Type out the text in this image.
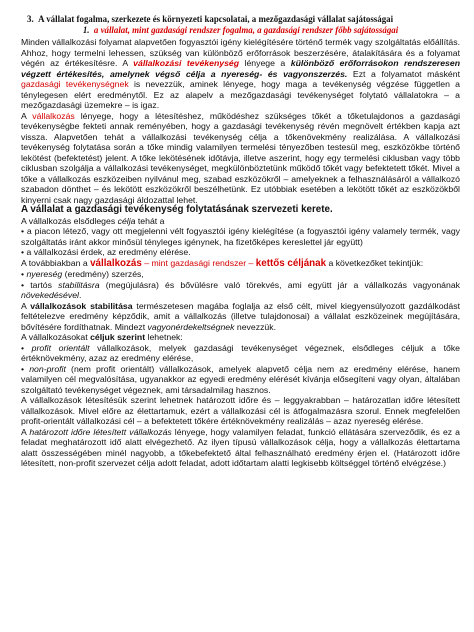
3. A vállalat fogalma, szerkezete és környezeti kapcsolatai, a mezőgazdasági vállalat sajátosságai
1. a vállalat, mint gazdasági rendszer fogalma, a gazdasági rendszer főbb sajátosságai

Minden vállalkozási folyamat alapvetően fogyasztói igény kielégítésére történő termék vagy szolgáltatás előállítás. Ahhoz, hogy termelni lehessen, szükség van különböző erőforrások beszerzésére, átalakítására és a folyamat végén az értékesítésre. A vállalkozási tevékenység lényege a különböző erőforrásokon rendszeresen végzett értékesítés, amelynek végső célja a nyereség- és vagyonszerzés. Ezt a folyamatot másként gazdasági tevékenységnek is nevezzük, aminek lényege, hogy maga a tevékenység végzése független a ténylegesen elért eredménytől. Ez az alapelv a mezőgazdasági tevékenységet folytató vállalatokra – a mezőgazdasági üzemekre – is igaz.

A vállalkozás lényege, hogy a létesítéshez, működéshez szükséges tőkét a tőketulajdonos a gazdasági tevékenységbe fekteti annak reményében, hogy a gazdasági tevékenység révén megnövelt értékben kapja azt vissza. Alapvetően tehát a vállalkozási tevékenység célja a tőkenövekmény realizálása. A vállalkozási tevékenység folytatása során a tőke mindig valamilyen termelési tényezőben testesül meg, eszközökbe történő lekötést (befektetést) jelent. A tőke lekötésének időtávja, illetve aszerint, hogy egy termelési ciklusban vagy több ciklusban szolgálja a vállalkozási tevékenységet, megkülönböztetünk működő tőkét vagy befektetett tőkét. Mivel a tőke a vállalkozás eszközeiben nyilvánul meg, szabad eszközökről – amelyeknek a felhasználásáról a vállalkozó szabadon dönthet – és lekötött eszközökről beszélhetünk. Ez utóbbiak esetében a lekötött tőkét az eszközökből kinyerni csak nagy gazdasági áldozattal lehet.

A vállalat a gazdasági tevékenység folytatásának szervezeti kerete.

A vállalkozás elsődleges célja tehát a

• a piacon létező, vagy ott megjelenni vélt fogyasztói igény kielégítése (a fogyasztói igény valamely termék, vagy szolgáltatás iránt akkor minősül tényleges igénynek, ha fizetőképes kereslettel jár együtt)

• a vállalkozási érdek, az eredmény elérése.

A továbbiakban a vállalkozás – mint gazdasági rendszer – kettős céljának a következőket tekintjük:

• nyereség (eredmény) szerzés,

• tartós stabilitásra (megújulásra) és bővülésre való törekvés, ami együtt jár a vállalkozás vagyonának növekedésével.

A vállalkozások stabilitása természetesen magába foglalja az első célt, mivel kiegyensúlyozott gazdálkodást feltételezve eredmény képződik, amit a vállalkozás (illetve tulajdonosai) a vállalat eszközeinek megújítására, bővítésére fordíthatnak. Mindezt vagyonérdekeltségnek nevezzük.

A vállalkozásokat céljuk szerint lehetnek:

• profit orientált vállalkozások, melyek gazdasági tevékenységet végeznek, elsődleges céljuk a tőke értéknövekmény, azaz az eredmény elérése,

• non-profit (nem profit orientált) vállalkozások, amelyek alapvető célja nem az eredmény elérése, hanem valamilyen cél megvalósítása, ugyanakkor az egyedi eredmény elérését kívánja elősegíteni vagy olyan, általában szolgáltató tevékenységet végeznek, ami társadalmilag hasznos.

A vállalkozások létesítésük szerint lehetnek határozott időre és – leggyakrabban – határozatlan időre létesített vállalkozások. Mivel előre az élettartamuk, ezért a vállalkozási cél is átfogalmazásra szorul. Ennek megfelelően profit-orientált vállalkozási cél – a befektetett tőkére értéknövekmény realizálás – azaz nyereség elérése.

A határozott időre létesített vállalkozás lényege, hogy valamilyen feladat, funkció ellátására szerveződik, és ez a feladat meghatározott idő alatt elvégezhető. Az ilyen típusú vállalkozások célja, hogy a vállalkozás élettartama alatt összességében minél nagyobb, a tőkebefektető által felhasználható eredmény érjen el. (Határozott időre létesített, non-profit szervezet célja adott feladat, adott időtartam alatti legkisebb költséggel történő elvégzése.)
